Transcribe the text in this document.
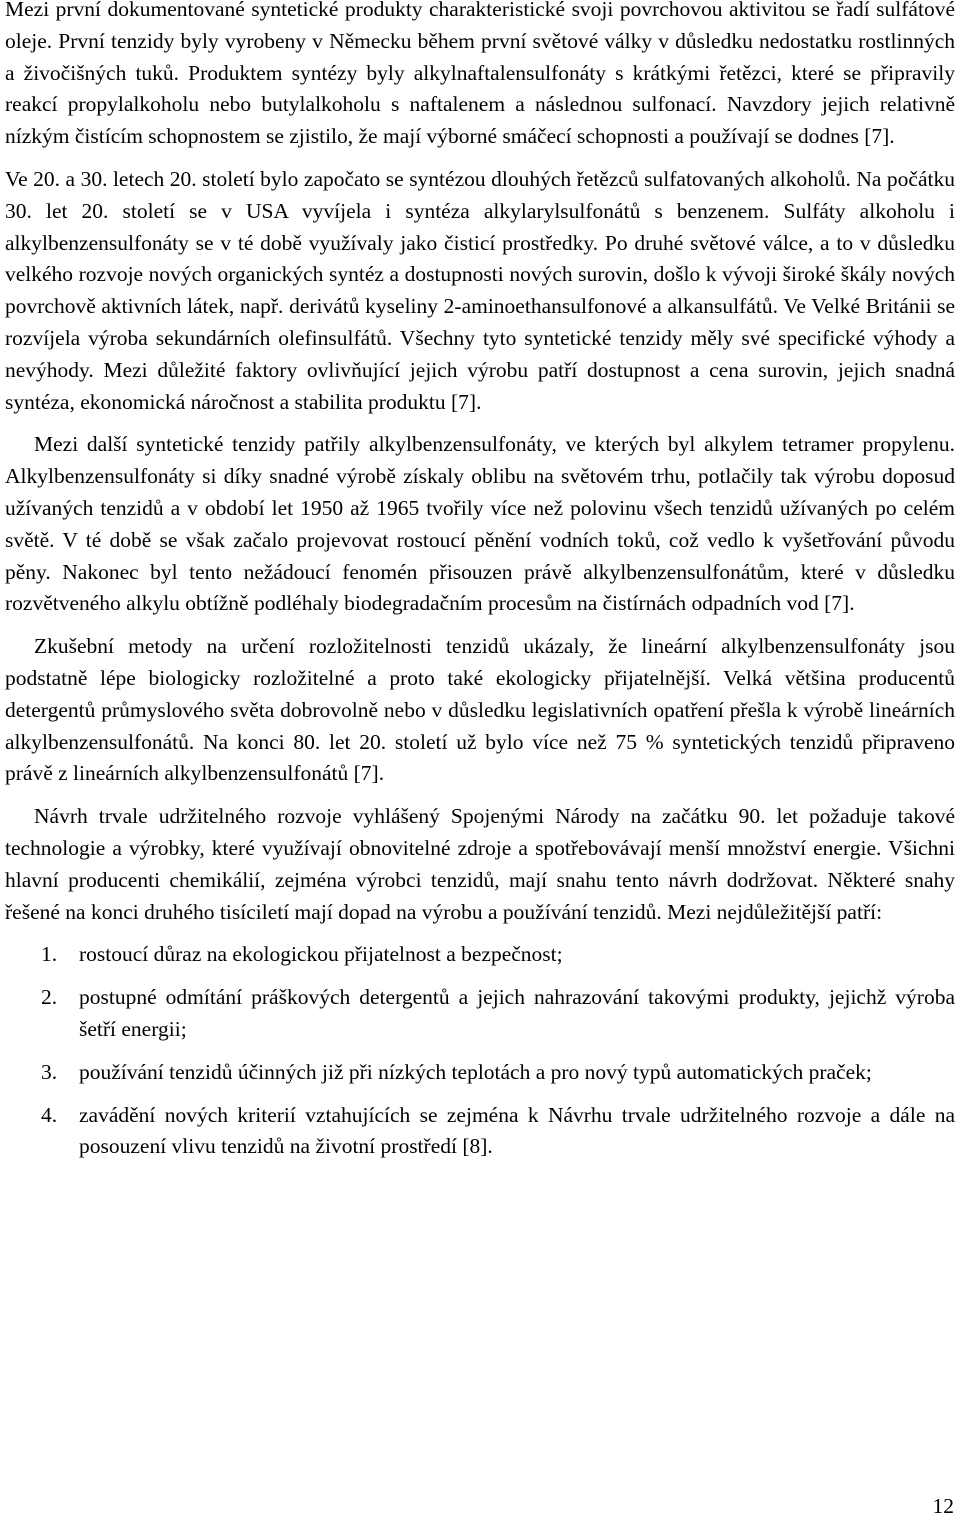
Mezi první dokumentované syntetické produkty charakteristické svoji povrchovou aktivitou se řadí sulfátové oleje. První tenzidy byly vyrobeny v Německu během první světové války v důsledku nedostatku rostlinných a živočišných tuků. Produktem syntézy byly alkylnaftalensulfonáty s krátkými řetězci, které se připravily reakcí propylalkoholu nebo butylalkoholu s naftalenem a následnou sulfonací. Navzdory jejich relativně nízkým čistícím schopnostem se zjistilo, že mají výborné smáčecí schopnosti a používají se dodnes [7].

Ve 20. a 30. letech 20. století bylo započato se syntézou dlouhých řetězců sulfatovaných alkoholů. Na počátku 30. let 20. století se v USA vyvíjela i syntéza alkylarylsulfonátů s benzenem. Sulfáty alkoholu i alkylbenzensulfonáty se v té době využívaly jako čisticí prostředky. Po druhé světové válce, a to v důsledku velkého rozvoje nových organických syntéz a dostupnosti nových surovin, došlo k vývoji široké škály nových povrchově aktivních látek, např. derivátů kyseliny 2-aminoethansulfonové a alkansulfátů. Ve Velké Británii se rozvíjela výroba sekundárních olefinsulfátů. Všechny tyto syntetické tenzidy měly své specifické výhody a nevýhody. Mezi důležité faktory ovlivňující jejich výrobu patří dostupnost a cena surovin, jejich snadná syntéza, ekonomická náročnost a stabilita produktu [7].

Mezi další syntetické tenzidy patřily alkylbenzensulfonáty, ve kterých byl alkylem tetramer propylenu. Alkylbenzensulfonáty si díky snadné výrobě získaly oblibu na světovém trhu, potlačily tak výrobu doposud užívaných tenzidů a v období let 1950 až 1965 tvořily více než polovinu všech tenzidů užívaných po celém světě. V té době se však začalo projevovat rostoucí pěnění vodních toků, což vedlo k vyšetřování původu pěny. Nakonec byl tento nežádoucí fenomén přisouzen právě alkylbenzensulfonátům, které v důsledku rozvětveného alkylu obtížně podléhaly biodegradačním procesům na čistírnách odpadních vod [7].

Zkušební metody na určení rozložitelnosti tenzidů ukázaly, že lineární alkylbenzensulfonáty jsou podstatně lépe biologicky rozložitelné a proto také ekologicky přijatelnější. Velká většina producentů detergentů průmyslového světa dobrovolně nebo v důsledku legislativních opatření přešla k výrobě lineárních alkylbenzensulfonátů. Na konci 80. let 20. století už bylo více než 75 % syntetických tenzidů připraveno právě z lineárních alkylbenzensulfonátů [7].

Návrh trvale udržitelného rozvoje vyhlášený Spojenými Národy na začátku 90. let požaduje takové technologie a výrobky, které využívají obnovitelné zdroje a spotřebovávají menší množství energie. Všichni hlavní producenti chemikálií, zejména výrobci tenzidů, mají snahu tento návrh dodržovat. Některé snahy řešené na konci druhého tisíciletí mají dopad na výrobu a používání tenzidů. Mezi nejdůležitější patří:

1.	rostoucí důraz na ekologickou přijatelnost a bezpečnost;
2.	postupné odmítání práškových detergentů a jejich nahrazování takovými produkty, jejichž výroba šetří energii;
3.	používání tenzidů účinných již při nízkých teplotách a pro nový typů automatických praček;
4.	zavádění nových kriterií vztahujících se zejména k Návrhu trvale udržitelného rozvoje a dále na posouzení vlivu tenzidů na životní prostředí [8].
12
